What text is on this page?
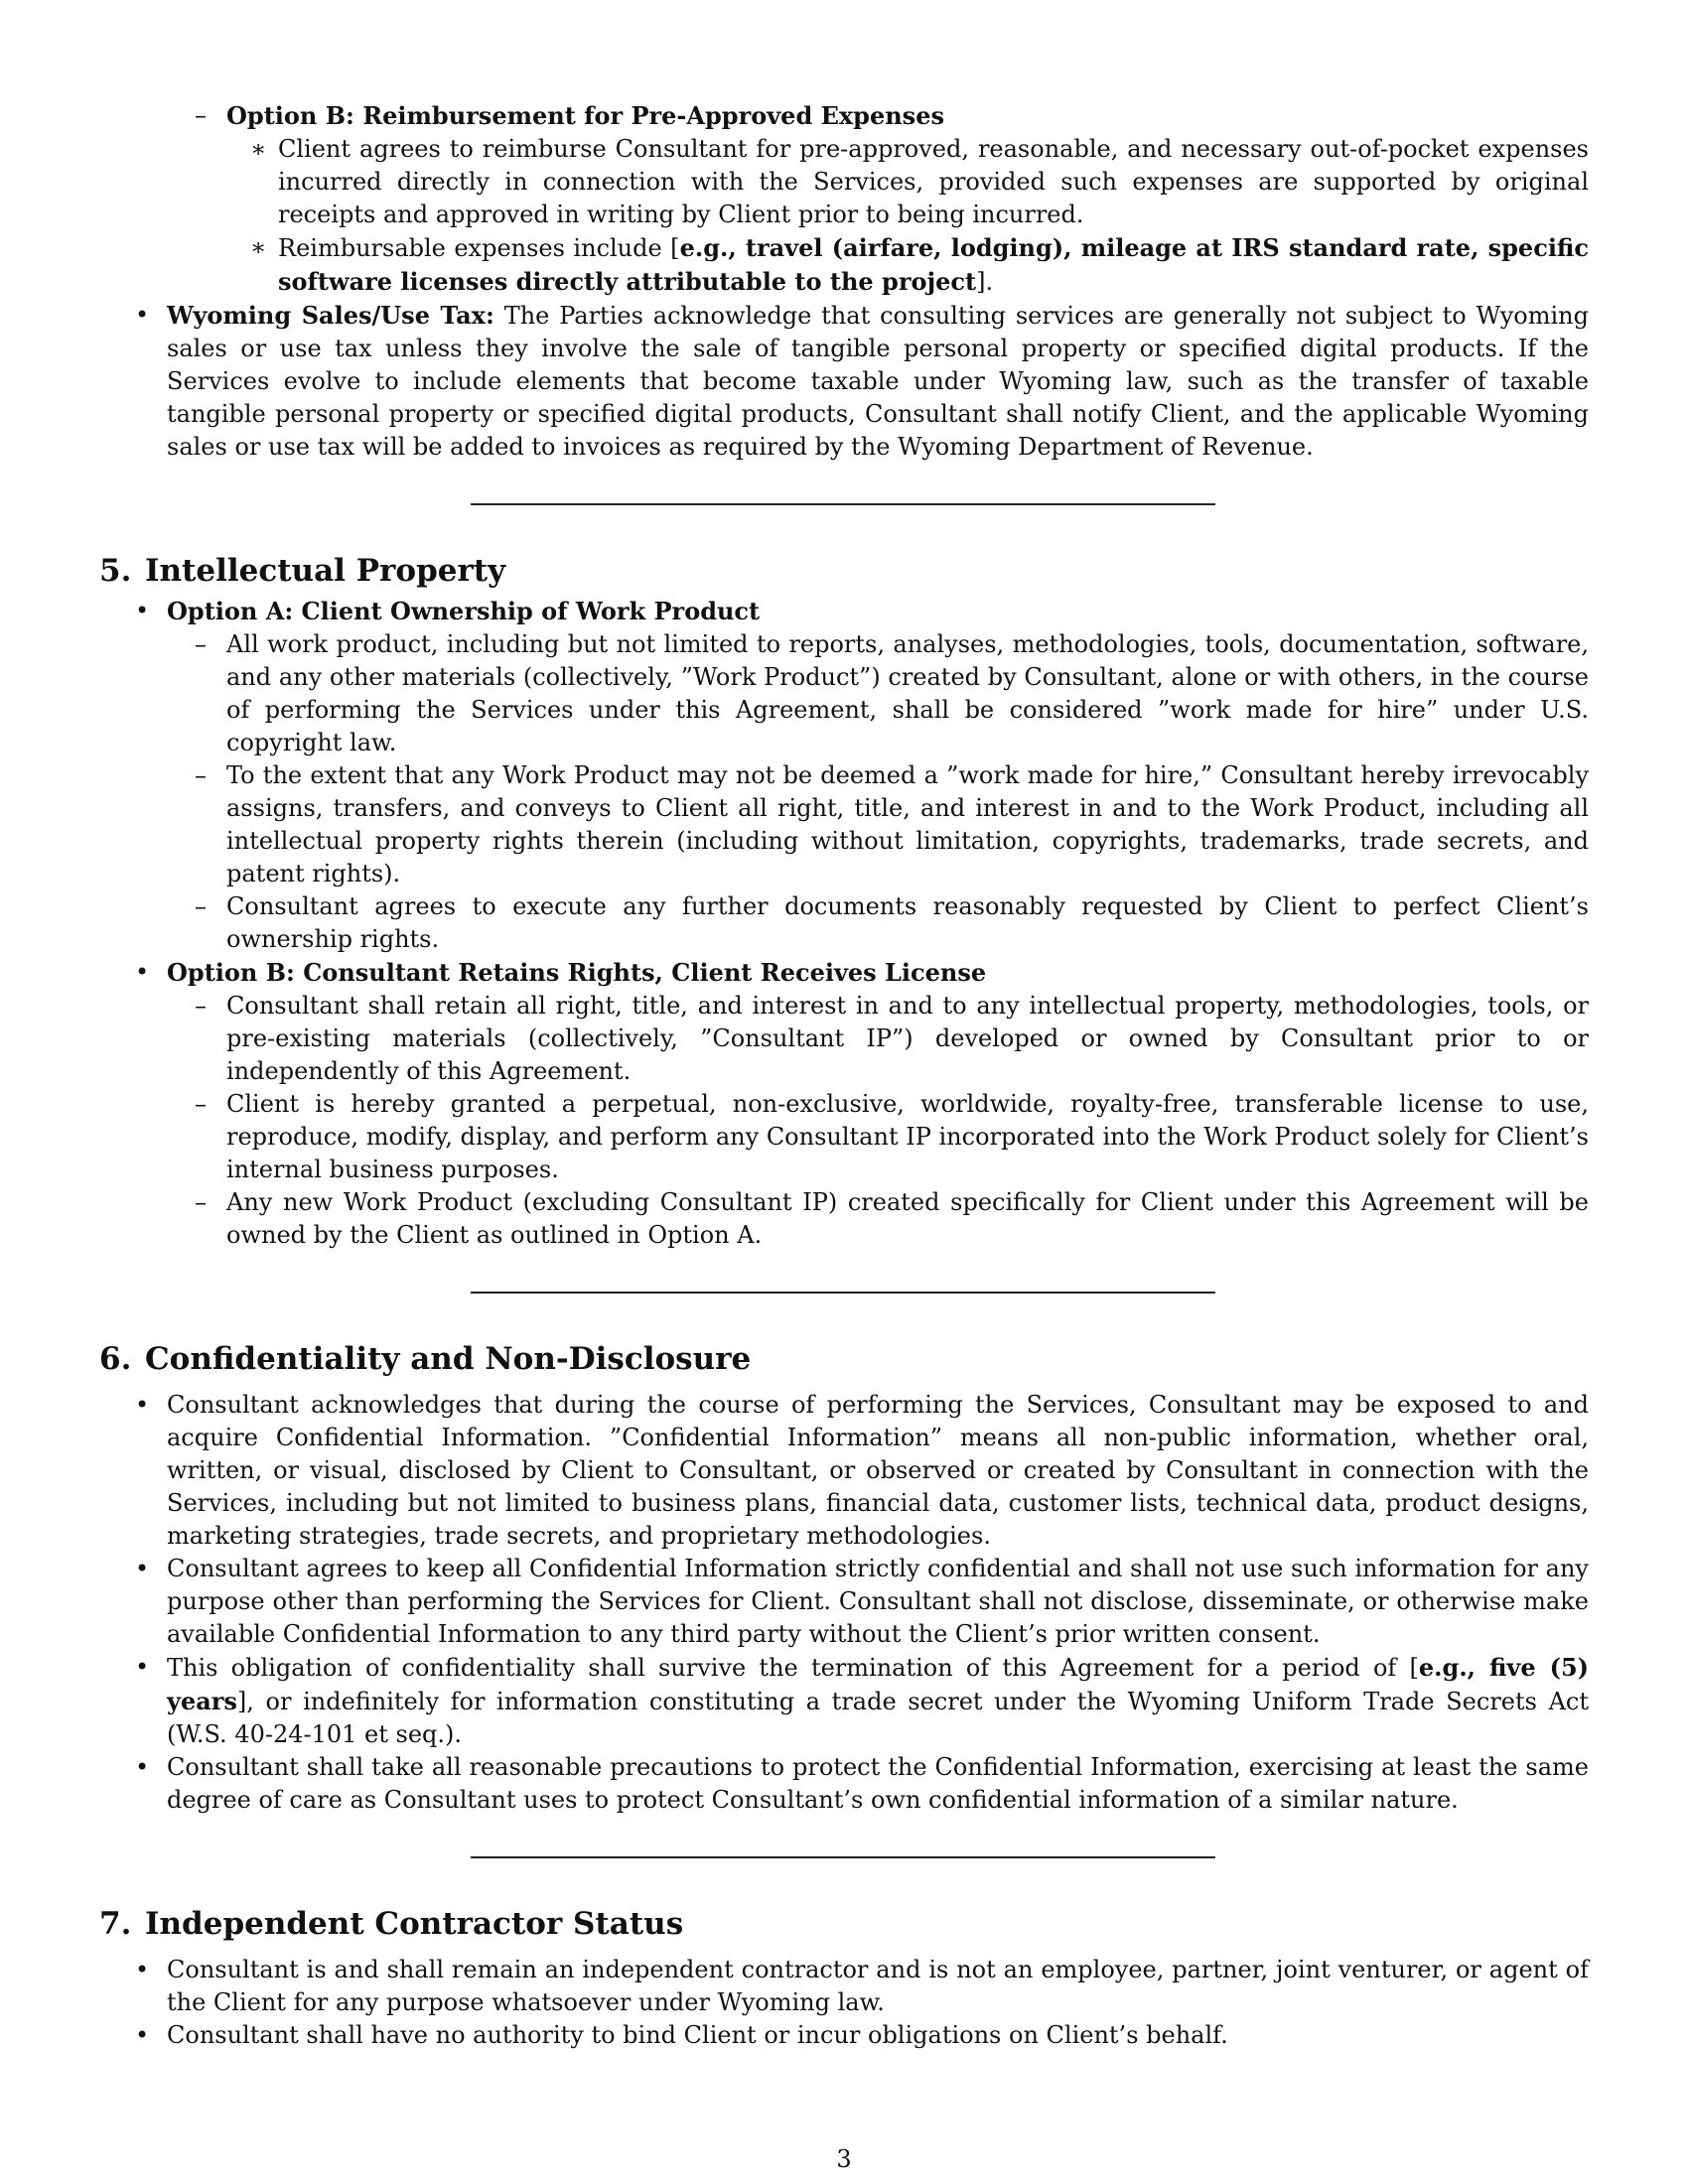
– Option B: Reimbursement for Pre-Approved Expenses
∗ Client agrees to reimburse Consultant for pre-approved, reasonable, and necessary out-of-pocket expenses incurred directly in connection with the Services, provided such expenses are supported by original receipts and approved in writing by Client prior to being incurred.
∗ Reimbursable expenses include [e.g., travel (airfare, lodging), mileage at IRS standard rate, specific software licenses directly attributable to the project].
• Wyoming Sales/Use Tax: The Parties acknowledge that consulting services are generally not subject to Wyoming sales or use tax unless they involve the sale of tangible personal property or specified digital products. If the Services evolve to include elements that become taxable under Wyoming law, such as the transfer of taxable tangible personal property or specified digital products, Consultant shall notify Client, and the applicable Wyoming sales or use tax will be added to invoices as required by the Wyoming Department of Revenue.
5. Intellectual Property
• Option A: Client Ownership of Work Product
– All work product, including but not limited to reports, analyses, methodologies, tools, documentation, software, and any other materials (collectively, ”Work Product”) created by Consultant, alone or with others, in the course of performing the Services under this Agreement, shall be considered ”work made for hire” under U.S. copyright law.
– To the extent that any Work Product may not be deemed a ”work made for hire,” Consultant hereby irrevocably assigns, transfers, and conveys to Client all right, title, and interest in and to the Work Product, including all intellectual property rights therein (including without limitation, copyrights, trademarks, trade secrets, and patent rights).
– Consultant agrees to execute any further documents reasonably requested by Client to perfect Client’s ownership rights.
• Option B: Consultant Retains Rights, Client Receives License
– Consultant shall retain all right, title, and interest in and to any intellectual property, methodologies, tools, or pre-existing materials (collectively, ”Consultant IP”) developed or owned by Consultant prior to or independently of this Agreement.
– Client is hereby granted a perpetual, non-exclusive, worldwide, royalty-free, transferable license to use, reproduce, modify, display, and perform any Consultant IP incorporated into the Work Product solely for Client’s internal business purposes.
– Any new Work Product (excluding Consultant IP) created specifically for Client under this Agreement will be owned by the Client as outlined in Option A.
6. Confidentiality and Non-Disclosure
• Consultant acknowledges that during the course of performing the Services, Consultant may be exposed to and acquire Confidential Information. ”Confidential Information” means all non-public information, whether oral, written, or visual, disclosed by Client to Consultant, or observed or created by Consultant in connection with the Services, including but not limited to business plans, financial data, customer lists, technical data, product designs, marketing strategies, trade secrets, and proprietary methodologies.
• Consultant agrees to keep all Confidential Information strictly confidential and shall not use such information for any purpose other than performing the Services for Client. Consultant shall not disclose, disseminate, or otherwise make available Confidential Information to any third party without the Client’s prior written consent.
• This obligation of confidentiality shall survive the termination of this Agreement for a period of [e.g., five (5) years], or indefinitely for information constituting a trade secret under the Wyoming Uniform Trade Secrets Act (W.S. 40-24-101 et seq.).
• Consultant shall take all reasonable precautions to protect the Confidential Information, exercising at least the same degree of care as Consultant uses to protect Consultant’s own confidential information of a similar nature.
7. Independent Contractor Status
• Consultant is and shall remain an independent contractor and is not an employee, partner, joint venturer, or agent of the Client for any purpose whatsoever under Wyoming law.
• Consultant shall have no authority to bind Client or incur obligations on Client’s behalf.
3
